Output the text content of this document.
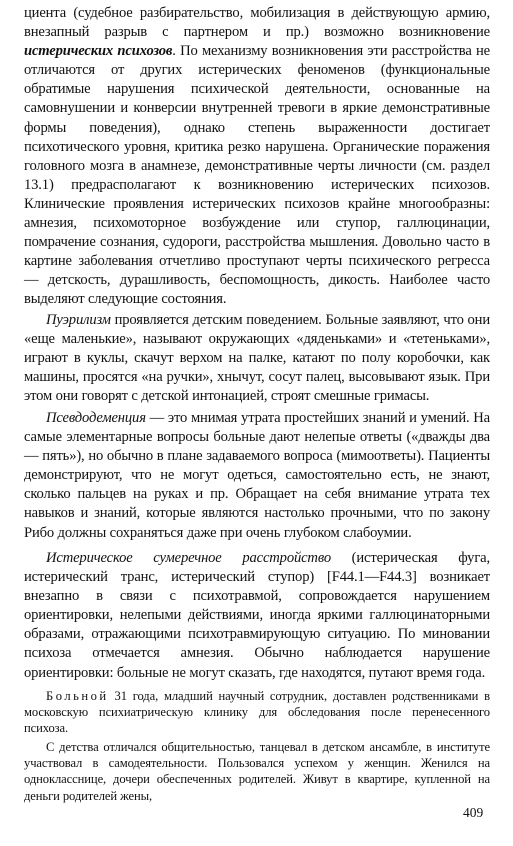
циента (судебное разбирательство, мобилизация в действующую армию, внезапный разрыв с партнером и пр.) возможно возникновение истерических психозов. По механизму возникновения эти расстройства не отличаются от других истерических феноменов (функциональные обратимые нарушения психической деятельности, основанные на самовнушении и конверсии внутренней тревоги в яркие демонстративные формы поведения), однако степень выраженности достигает психотического уровня, критика резко нарушена. Органические поражения головного мозга в анамнезе, демонстративные черты личности (см. раздел 13.1) предрасполагают к возникновению истерических психозов. Клинические проявления истерических психозов крайне многообразны: амнезия, психомоторное возбуждение или ступор, галлюцинации, помрачение сознания, судороги, расстройства мышления. Довольно часто в картине заболевания отчетливо проступают черты психического регресса — детскость, дурашливость, беспомощность, дикость. Наиболее часто выделяют следующие состояния.

Пуэрилизм проявляется детским поведением. Больные заявляют, что они «еще маленькие», называют окружающих «дяденьками» и «тетеньками», играют в куклы, скачут верхом на палке, катают по полу коробочки, как машины, просятся «на ручки», хнычут, сосут палец, высовывают язык. При этом они говорят с детской интонацией, строят смешные гримасы.

Псевдодеменция — это мнимая утрата простейших знаний и умений. На самые элементарные вопросы больные дают нелепые ответы («дважды два — пять»), но обычно в плане задаваемого вопроса (мимоответы). Пациенты демонстрируют, что не могут одеться, самостоятельно есть, не знают, сколько пальцев на руках и пр. Обращает на себя внимание утрата тех навыков и знаний, которые являются настолько прочными, что по закону Рибо должны сохраняться даже при очень глубоком слабоумии.

Истерическое сумеречное расстройство (истерическая фуга, истерический транс, истерический ступор) [F44.1—F44.3] возникает внезапно в связи с психотравмой, сопровождается нарушением ориентировки, нелепыми действиями, иногда яркими галлюцинаторными образами, отражающими психотравмирующую ситуацию. По миновании психоза отмечается амнезия. Обычно наблюдается нарушение ориентировки: больные не могут сказать, где находятся, путают время года.

Больной 31 года, младший научный сотрудник, доставлен родственниками в московскую психиатрическую клинику для обследования после перенесенного психоза.

С детства отличался общительностью, танцевал в детском ансамбле, в институте участвовал в самодеятельности. Пользовался успехом у женщин. Женился на однокласснице, дочери обеспеченных родителей. Живут в квартире, купленной на деньги родителей жены,

409
